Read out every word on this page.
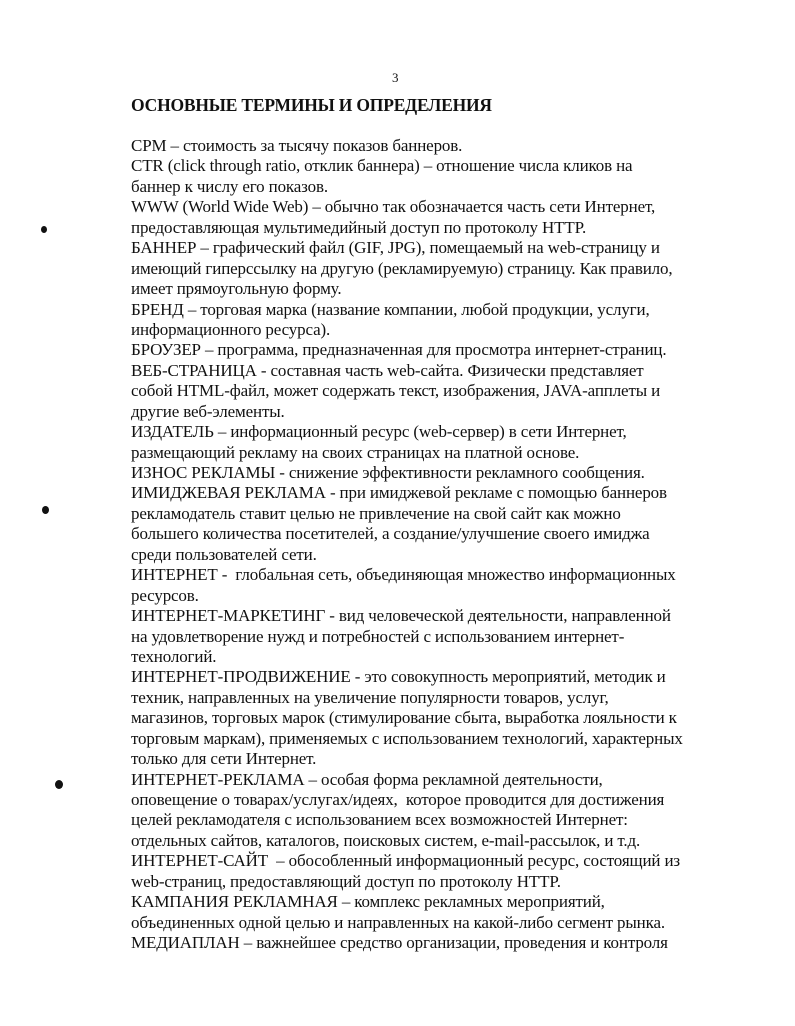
3
ОСНОВНЫЕ ТЕРМИНЫ И ОПРЕДЕЛЕНИЯ
CPM – стоимость за тысячу показов баннеров.
CTR (click through ratio, отклик баннера) – отношение числа кликов на
баннер к числу его показов.
WWW (World Wide Web) – обычно так обозначается часть сети Интернет,
предоставляющая мультимедийный доступ по протоколу HTTP.
БАННЕР – графический файл (GIF, JPG), помещаемый на web-страницу и
имеющий гиперссылку на другую (рекламируемую) страницу. Как правило,
имеет прямоугольную форму.
БРЕНД – торговая марка (название компании, любой продукции, услуги,
информационного ресурса).
БРОУЗЕР – программа, предназначенная для просмотра интернет-страниц.
ВЕБ-СТРАНИЦА - составная часть web-сайта. Физически представляет
собой HTML-файл, может содержать текст, изображения, JAVA-апплеты и
другие веб-элементы.
ИЗДАТЕЛЬ – информационный ресурс (web-сервер) в сети Интернет,
размещающий рекламу на своих страницах на платной основе.
ИЗНОС РЕКЛАМЫ - снижение эффективности рекламного сообщения.
ИМИДЖЕВАЯ РЕКЛАМА - при имиджевой рекламе с помощью баннеров
рекламодатель ставит целью не привлечение на свой сайт как можно
большего количества посетителей, а создание/улучшение своего имиджа
среди пользователей сети.
ИНТЕРНЕТ -  глобальная сеть, объединяющая множество информационных
ресурсов.
ИНТЕРНЕТ-МАРКЕТИНГ - вид человеческой деятельности, направленной
на удовлетворение нужд и потребностей с использованием интернет-
технологий.
ИНТЕРНЕТ-ПРОДВИЖЕНИЕ - это совокупность мероприятий, методик и
техник, направленных на увеличение популярности товаров, услуг,
магазинов, торговых марок (стимулирование сбыта, выработка лояльности к
торговым маркам), применяемых с использованием технологий, характерных
только для сети Интернет.
ИНТЕРНЕТ-РЕКЛАМА – особая форма рекламной деятельности,
оповещение о товарах/услугах/идеях,  которое проводится для достижения
целей рекламодателя с использованием всех возможностей Интернет:
отдельных сайтов, каталогов, поисковых систем, e-mail-рассылок, и т.д.
ИНТЕРНЕТ-САЙТ  – обособленный информационный ресурс, состоящий из
web-страниц, предоставляющий доступ по протоколу HTTP.
КАМПАНИЯ РЕКЛАМНАЯ – комплекс рекламных мероприятий,
объединенных одной целью и направленных на какой-либо сегмент рынка.
МЕДИАПЛАН – важнейшее средство организации, проведения и контроля
